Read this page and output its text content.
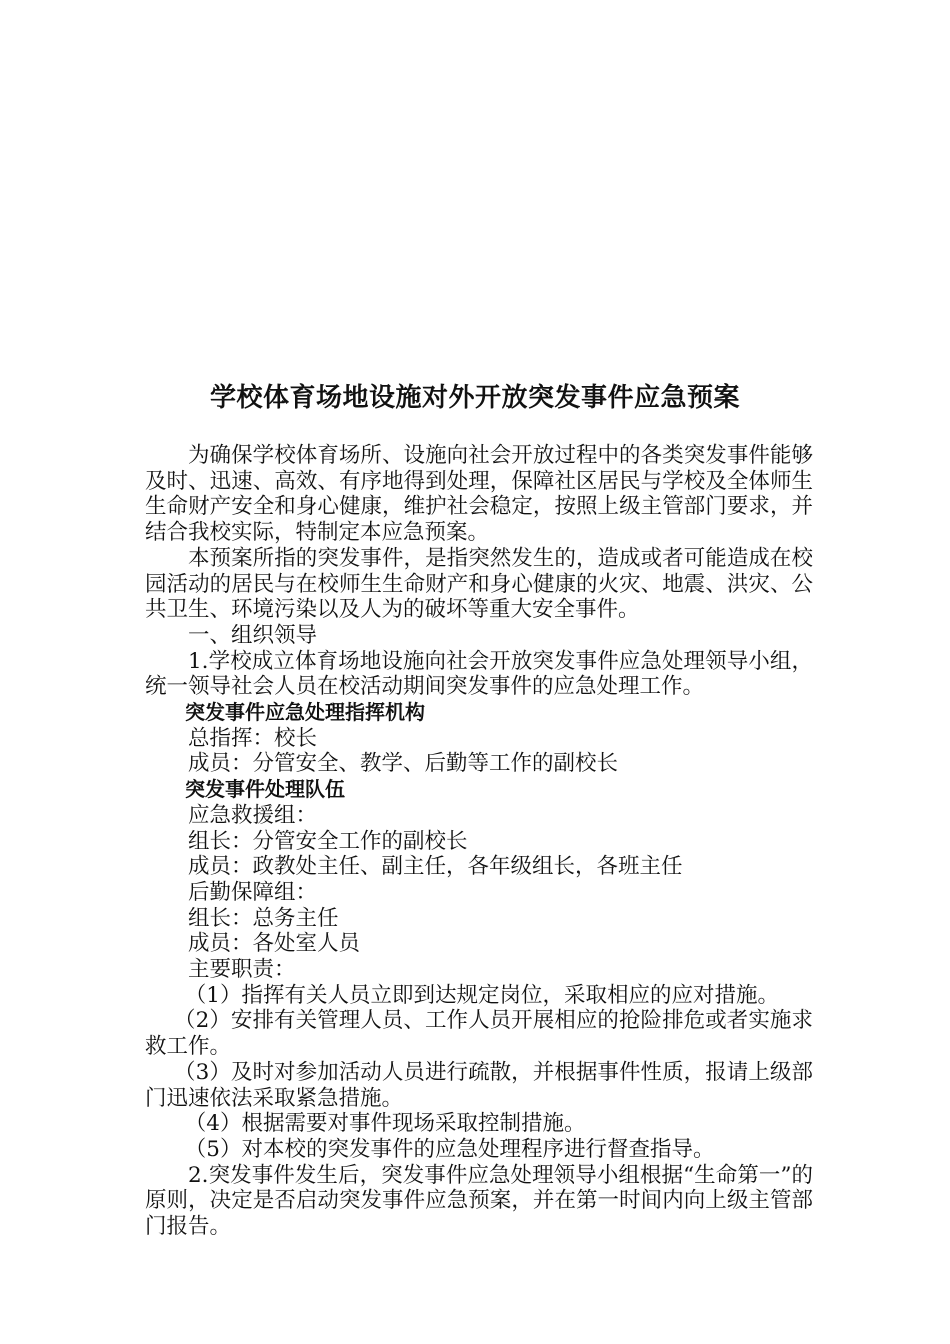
学校体育场地设施对外开放突发事件应急预案

为确保学校体育场所、设施向社会开放过程中的各类突发事件能够及时、迅速、高效、有序地得到处理，保障社区居民与学校及全体师生生命财产安全和身心健康，维护社会稳定，按照上级主管部门要求，并结合我校实际，特制定本应急预案。

本预案所指的突发事件，是指突然发生的，造成或者可能造成在校园活动的居民与在校师生生命财产和身心健康的火灾、地震、洪灾、公共卫生、环境污染以及人为的破坏等重大安全事件。

一、组织领导

1.学校成立体育场地设施向社会开放突发事件应急处理领导小组，统一领导社会人员在校活动期间突发事件的应急处理工作。

突发事件应急处理指挥机构

总指挥：校长

成员：分管安全、教学、后勤等工作的副校长

突发事件处理队伍

应急救援组：

组长：分管安全工作的副校长

成员：政教处主任、副主任，各年级组长，各班主任

后勤保障组：

组长：总务主任

成员：各处室人员

主要职责：

（1）指挥有关人员立即到达规定岗位，采取相应的应对措施。

（2）安排有关管理人员、工作人员开展相应的抢险排危或者实施求救工作。

（3）及时对参加活动人员进行疏散，并根据事件性质，报请上级部门迅速依法采取紧急措施。

（4）根据需要对事件现场采取控制措施。

（5）对本校的突发事件的应急处理程序进行督查指导。

2.突发事件发生后，突发事件应急处理领导小组根据“生命第一”的原则，决定是否启动突发事件应急预案，并在第一时间内向上级主管部门报告。
